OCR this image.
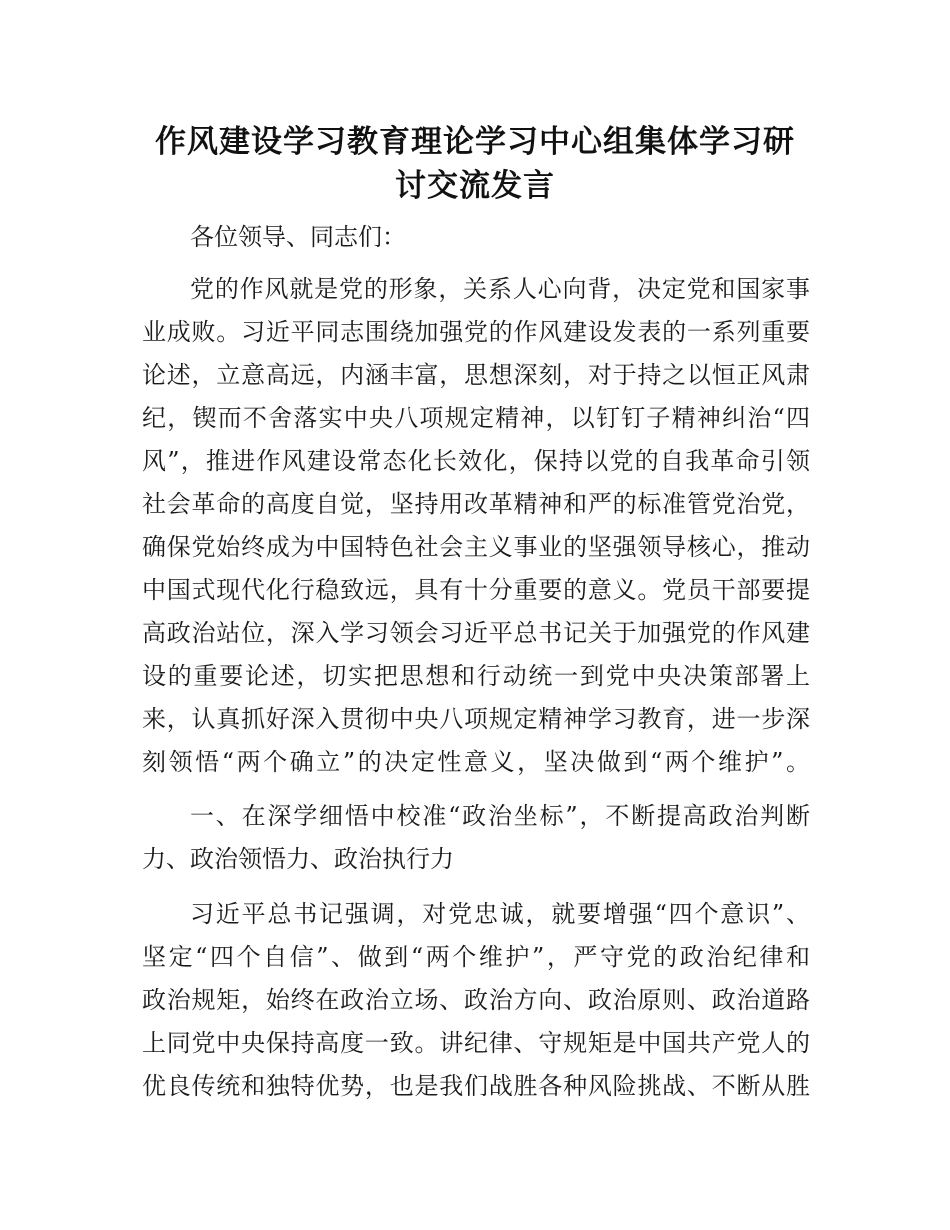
作风建设学习教育理论学习中心组集体学习研
讨交流发言
各位领导、同志们：
党的作风就是党的形象，关系人心向背，决定党和国家事
业成败。习近平同志围绕加强党的作风建设发表的一系列重要
论述，立意高远，内涵丰富，思想深刻，对于持之以恒正风肃
纪，锲而不舍落实中央八项规定精神，以钉钉子精神纠治“四
风”，推进作风建设常态化长效化，保持以党的自我革命引领
社会革命的高度自觉，坚持用改革精神和严的标准管党治党，
确保党始终成为中国特色社会主义事业的坚强领导核心，推动
中国式现代化行稳致远，具有十分重要的意义。党员干部要提
高政治站位，深入学习领会习近平总书记关于加强党的作风建
设的重要论述，切实把思想和行动统一到党中央决策部署上
来，认真抓好深入贯彻中央八项规定精神学习教育，进一步深
刻领悟“两个确立”的决定性意义，坚决做到“两个维护”。
一、在深学细悟中校准“政治坐标”，不断提高政治判断
力、政治领悟力、政治执行力
习近平总书记强调，对党忠诚，就要增强“四个意识”、
坚定“四个自信”、做到“两个维护”，严守党的政治纪律和
政治规矩，始终在政治立场、政治方向、政治原则、政治道路
上同党中央保持高度一致。讲纪律、守规矩是中国共产党人的
优良传统和独特优势，也是我们战胜各种风险挑战、不断从胜
